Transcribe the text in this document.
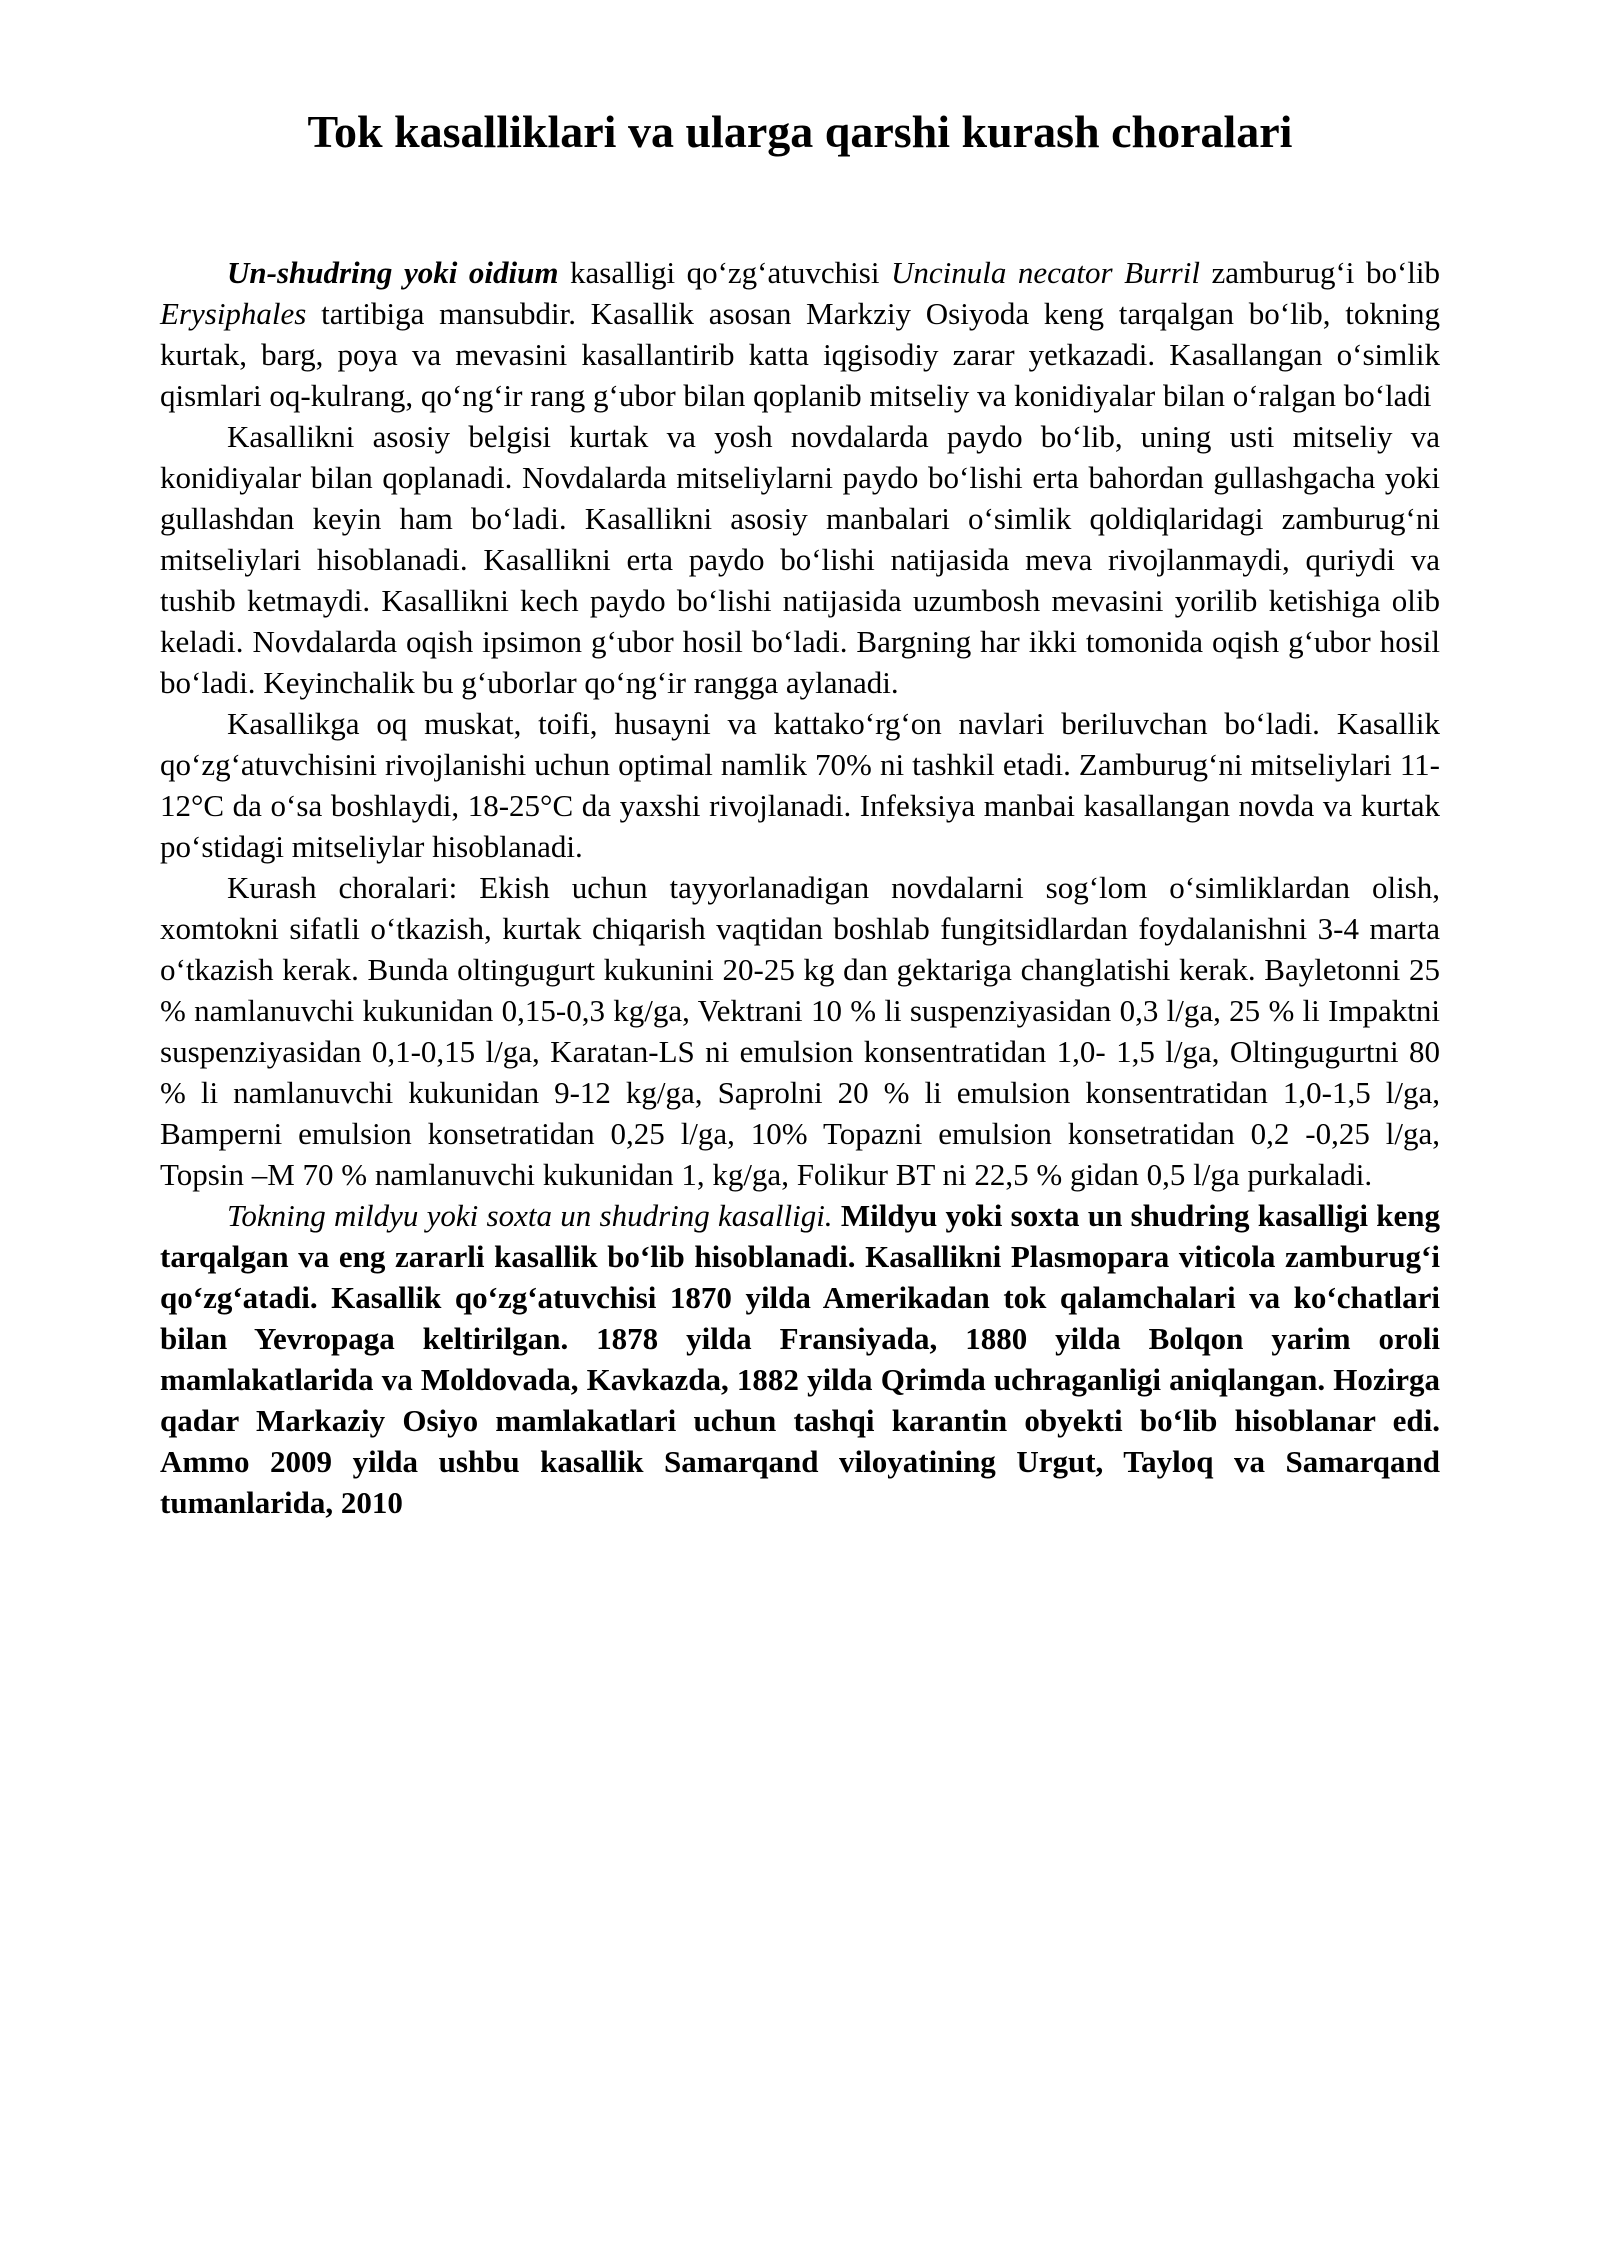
Tok kasalliklari va ularga qarshi kurash choralari

Un-shudring yoki oidium kasalligi qo‘zg‘atuvchisi Uncinula necator Burril zamburug‘i bo‘lib Erysiphales tartibiga mansubdir. Kasallik asosan Markziy Osiyoda keng tarqalgan bo‘lib, tokning kurtak, barg, poya va mevasini kasallantirib katta iqgisodiy zarar yetkazadi. Kasallangan o‘simlik qismlari oq-kulrang, qo‘ng‘ir rang g‘ubor bilan qoplanib mitseliy va konidiyalar bilan o‘ralgan bo‘ladi

Kasallikni asosiy belgisi kurtak va yosh novdalarda paydo bo‘lib, uning usti mitseliy va konidiyalar bilan qoplanadi. Novdalarda mitseliylarni paydo bo‘lishi erta bahordan gullashgacha yoki gullashdan keyin ham bo‘ladi. Kasallikni asosiy manbalari o‘simlik qoldiqlaridagi zamburug‘ni mitseliylari hisoblanadi. Kasallikni erta paydo bo‘lishi natijasida meva rivojlanmaydi, quriydi va tushib ketmaydi. Kasallikni kech paydo bo‘lishi natijasida uzumbosh mevasini yorilib ketishiga olib keladi. Novdalarda oqish ipsimon g‘ubor hosil bo‘ladi. Bargning har ikki tomonida oqish g‘ubor hosil bo‘ladi. Keyinchalik bu g‘uborlar qo‘ng‘ir rangga aylanadi.

Kasallikga oq muskat, toifi, husayni va kattako‘rg‘on navlari beriluvchan bo‘ladi. Kasallik qo‘zg‘atuvchisini rivojlanishi uchun optimal namlik 70% ni tashkil etadi. Zamburug‘ni mitseliylari 11-12°C da o‘sa boshlaydi, 18-25°C da yaxshi rivojlanadi. Infeksiya manbai kasallangan novda va kurtak po‘stidagi mitseliylar hisoblanadi.

Kurash choralari: Ekish uchun tayyorlanadigan novdalarni sog‘lom o‘simliklardan olish, xomtokni sifatli o‘tkazish, kurtak chiqarish vaqtidan boshlab fungitsidlardan foydalanishni 3-4 marta o‘tkazish kerak. Bunda oltingugurt kukunini 20-25 kg dan gektariga changlatishi kerak. Bayletonni 25 % namlanuvchi kukunidan 0,15-0,3 kg/ga, Vektrani 10 % li suspenziyasidan 0,3 l/ga, 25 % li Impaktni suspenziyasidan 0,1-0,15 l/ga, Karatan-LS ni emulsion konsentratidan 1,0- 1,5 l/ga, Oltingugurtni 80 % li namlanuvchi kukunidan 9-12 kg/ga, Saprolni 20 % li emulsion konsentratidan 1,0-1,5 l/ga, Bamperni emulsion konsetratidan 0,25 l/ga, 10% Topazni emulsion konsetratidan 0,2 -0,25 l/ga, Topsin –M 70 % namlanuvchi kukunidan 1, kg/ga, Folikur BT ni 22,5 % gidan 0,5 l/ga purkaladi.

Tokning mildyu yoki soxta un shudring kasalligi. Mildyu yoki soxta un shudring kasalligi keng tarqalgan va eng zararli kasallik bo‘lib hisoblanadi. Kasallikni Plasmopara viticola zamburug‘i qo‘zg‘atadi. Kasallik qo‘zg‘atuvchisi 1870 yilda Amerikadan tok qalamchalari va ko‘chatlari bilan Yevropaga keltirilgan. 1878 yilda Fransiyada, 1880 yilda Bolqon yarim oroli mamlakatlarida va Moldovada, Kavkazda, 1882 yilda Qrimda uchraganligi aniqlangan. Hozirga qadar Markaziy Osiyo mamlakatlari uchun tashqi karantin obyekti bo‘lib hisoblanar edi. Ammo 2009 yilda ushbu kasallik Samarqand viloyatining Urgut, Tayloq va Samarqand tumanlarida, 2010
